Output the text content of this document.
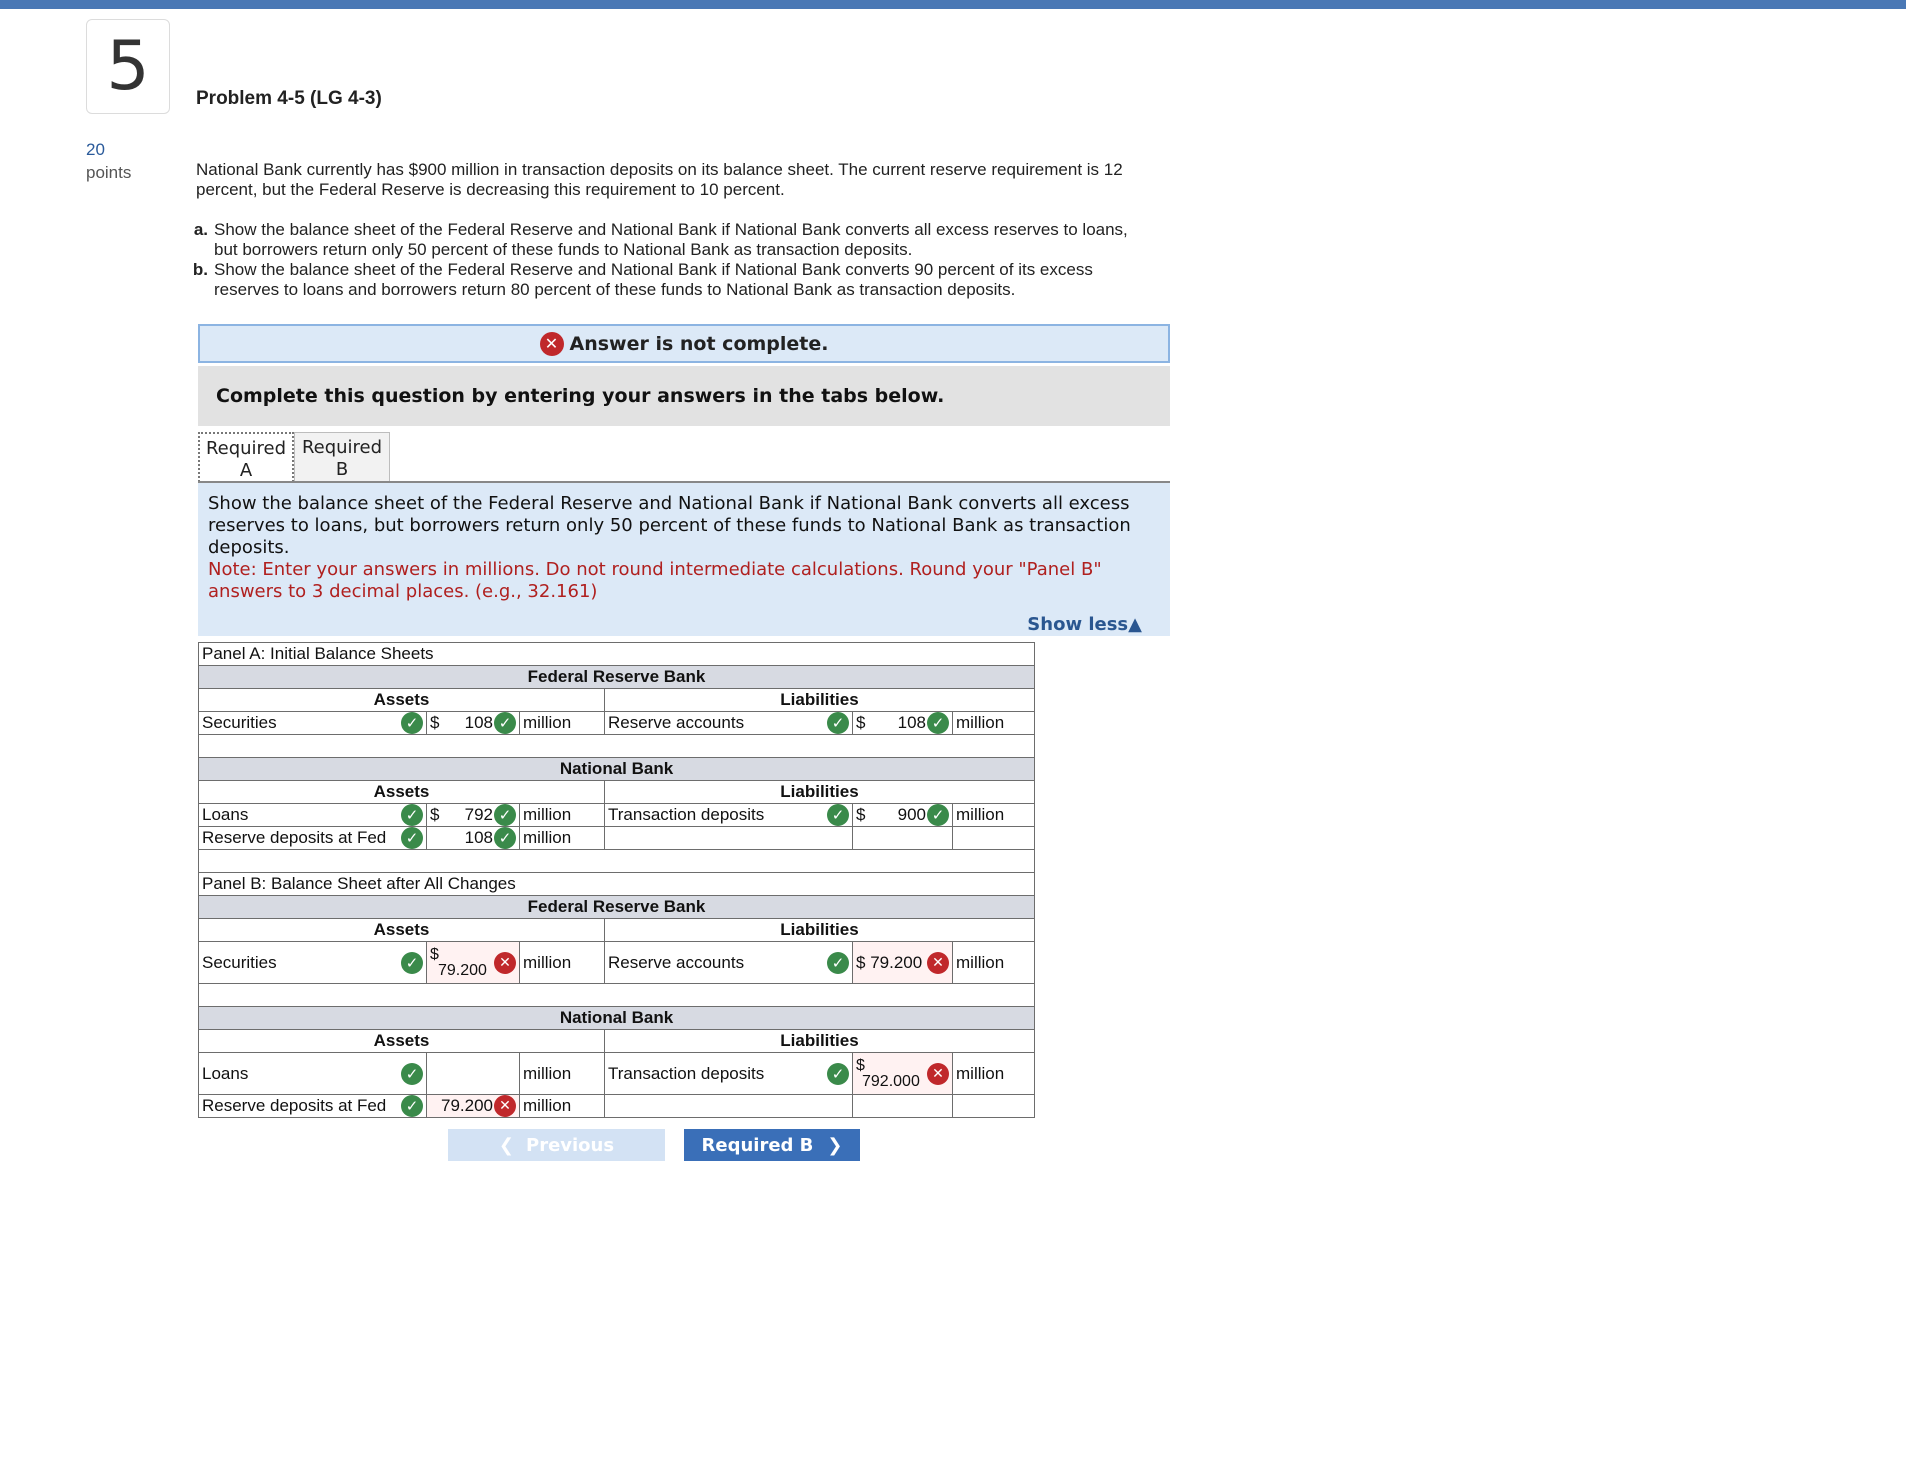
5
20
points
Problem 4-5 (LG 4-3)
National Bank currently has $900 million in transaction deposits on its balance sheet. The current reserve requirement is 12 percent, but the Federal Reserve is decreasing this requirement to 10 percent.
a. Show the balance sheet of the Federal Reserve and National Bank if National Bank converts all excess reserves to loans, but borrowers return only 50 percent of these funds to National Bank as transaction deposits.
b. Show the balance sheet of the Federal Reserve and National Bank if National Bank converts 90 percent of its excess reserves to loans and borrowers return 80 percent of these funds to National Bank as transaction deposits.
✕ Answer is not complete.
Complete this question by entering your answers in the tabs below.
Required
A
Required
B
Show the balance sheet of the Federal Reserve and National Bank if National Bank converts all excess reserves to loans, but borrowers return only 50 percent of these funds to National Bank as transaction deposits.
Note: Enter your answers in millions. Do not round intermediate calculations. Round your "Panel B" answers to 3 decimal places. (e.g., 32.161)
Show less▲
Panel A: Initial Balance Sheets					
Federal Reserve Bank					
Assets			Liabilities		

Securities ✓	$ 108 ✓	million	Reserve accounts ✓	$ 108 ✓	million

National Bank					
Assets			Liabilities		

Loans ✓	$ 792 ✓	million	Transaction deposits ✓	$ 900 ✓	million

Reserve deposits at Fed ✓	108 ✓	million			

Panel B: Balance Sheet after All Changes					
Federal Reserve Bank					
Assets			Liabilities		

Securities ✓	$
79.200 ✕	million	Reserve accounts ✓	$ 79.200 ✕	million

National Bank					
Assets			Liabilities		

Loans ✓		million	Transaction deposits ✓	$
792.000 ✕	million

Reserve deposits at Fed ✓	79.200 ✕	million			
❮ Previous	Required B ❯
